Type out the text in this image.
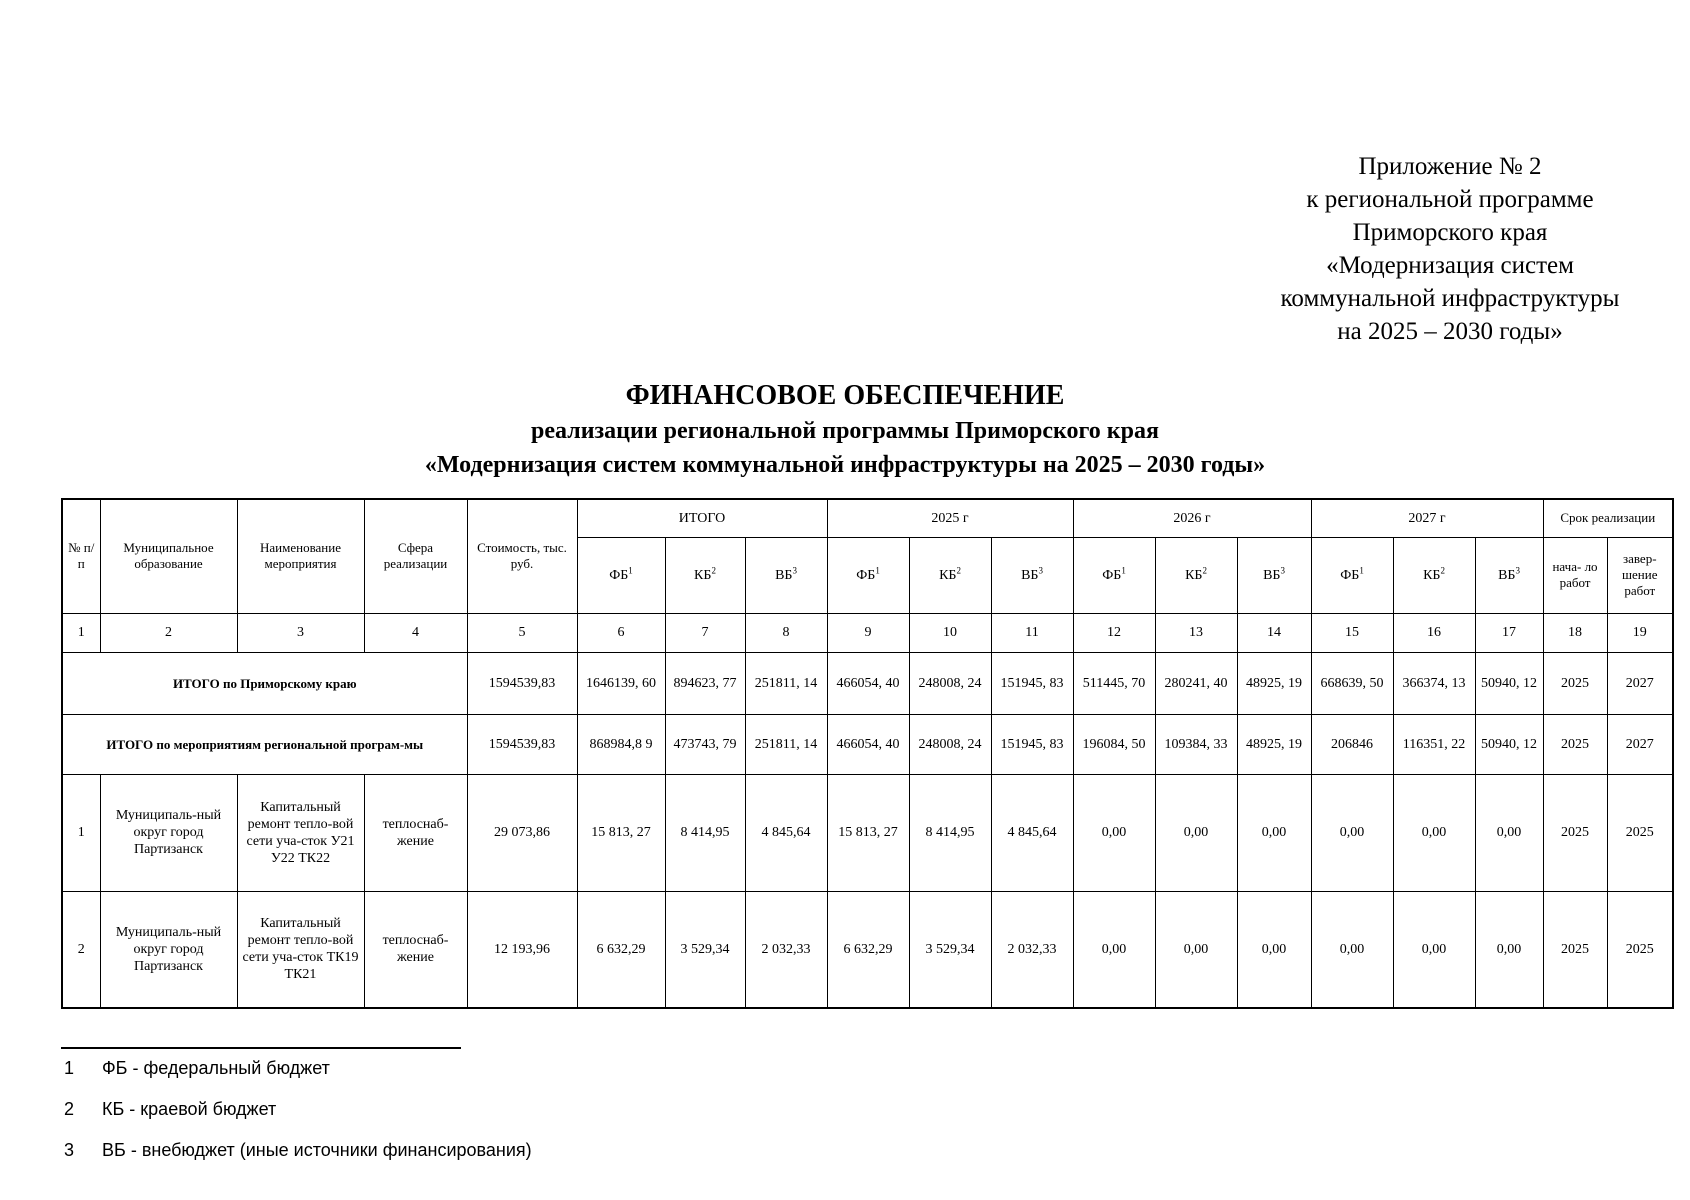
Приложение № 2
к региональной программе
Приморского края
«Модернизация систем
коммунальной инфраструктуры
на 2025 – 2030 годы»
ФИНАНСОВОЕ ОБЕСПЕЧЕНИЕ
реализации региональной программы Приморского края
«Модернизация систем коммунальной инфраструктуры на 2025 – 2030 годы»
№ п/ п	Муниципальное образование	Наименование мероприятия	Сфера реализации	Стоимость, тыс. руб.	ИТОГО			2025 г			2026 г			2027 г			Срок реализации	
					$ФБ^1$	$КБ^2$	$ВБ^3$	$ФБ^1$	$КБ^2$	$ВБ^3$	$ФБ^1$	$КБ^2$	$ВБ^3$	$ФБ^1$	$КБ^2$	$ВБ^3$	нача- ло работ	завер- шение работ
1	2	3	4	5	6	7	8	9	10	11	12	13	14	15	16	17	18	19
ИТОГО по Приморскому краю				1594539,83	1646139, 60	894623, 77	251811, 14	466054, 40	248008, 24	151945, 83	511445, 70	280241, 40	48925, 19	668639, 50	366374, 13	50940, 12	2025	2027
ИТОГО по мероприятиям региональной програм-мы				1594539,83	868984,8 9	473743, 79	251811, 14	466054, 40	248008, 24	151945, 83	196084, 50	109384, 33	48925, 19	206846	116351, 22	50940, 12	2025	2027
1	Муниципаль-ный округ город Партизанск	Капитальный ремонт тепло-вой сети уча-сток У21 У22 ТК22	теплоснаб-жение	29 073,86	15 813, 27	8 414,95	4 845,64	15 813, 27	8 414,95	4 845,64	0,00	0,00	0,00	0,00	0,00	0,00	2025	2025
2	Муниципаль-ный округ город Партизанск	Капитальный ремонт тепло-вой сети уча-сток ТК19 ТК21	теплоснаб-жение	12 193,96	6 632,29	3 529,34	2 032,33	6 632,29	3 529,34	2 032,33	0,00	0,00	0,00	0,00	0,00	0,00	2025	2025
1 ФБ - федеральный бюджет
2 КБ - краевой бюджет
3 ВБ - внебюджет (иные источники финансирования)
